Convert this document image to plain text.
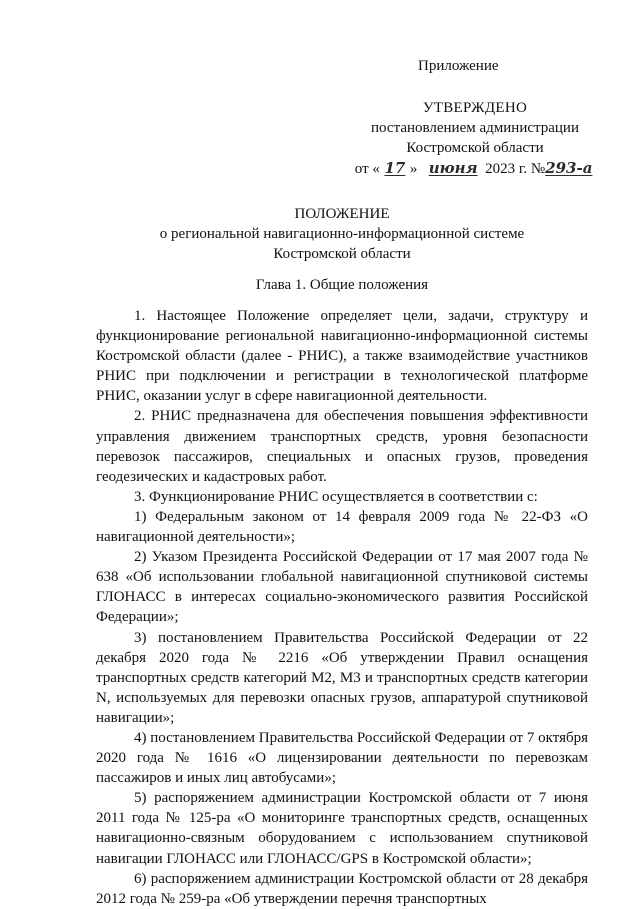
Приложение
УТВЕРЖДЕНО
постановлением администрации
Костромской области
от « 17 » июня 2023 г. №293-а
ПОЛОЖЕНИЕ
о региональной навигационно-информационной системе
Костромской области
Глава 1. Общие положения

1. Настоящее Положение определяет цели, задачи, структуру и функционирование региональной навигационно-информационной системы Костромской области (далее - РНИС), а также взаимодействие участников РНИС при подключении и регистрации в технологической платформе РНИС, оказании услуг в сфере навигационной деятельности.

2. РНИС предназначена для обеспечения повышения эффективности управления движением транспортных средств, уровня безопасности перевозок пассажиров, специальных и опасных грузов, проведения геодезических и кадастровых работ.

3. Функционирование РНИС осуществляется в соответствии с:

1) Федеральным законом от 14 февраля 2009 года № 22-ФЗ «О навигационной деятельности»;

2) Указом Президента Российской Федерации от 17 мая 2007 года № 638 «Об использовании глобальной навигационной спутниковой системы ГЛОНАСС в интересах социально-экономического развития Российской Федерации»;

3) постановлением Правительства Российской Федерации от 22 декабря 2020 года № 2216 «Об утверждении Правил оснащения транспортных средств категорий М2, М3 и транспортных средств категории N, используемых для перевозки опасных грузов, аппаратурой спутниковой навигации»;

4) постановлением Правительства Российской Федерации от 7 октября 2020 года № 1616 «О лицензировании деятельности по перевозкам пассажиров и иных лиц автобусами»;

5) распоряжением администрации Костромской области от 7 июня 2011 года № 125-ра «О мониторинге транспортных средств, оснащенных навигационно-связным оборудованием с использованием спутниковой навигации ГЛОНАСС или ГЛОНАСС/GPS в Костромской области»;

6) распоряжением администрации Костромской области от 28 декабря 2012 года № 259-ра «Об утверждении перечня транспортных
